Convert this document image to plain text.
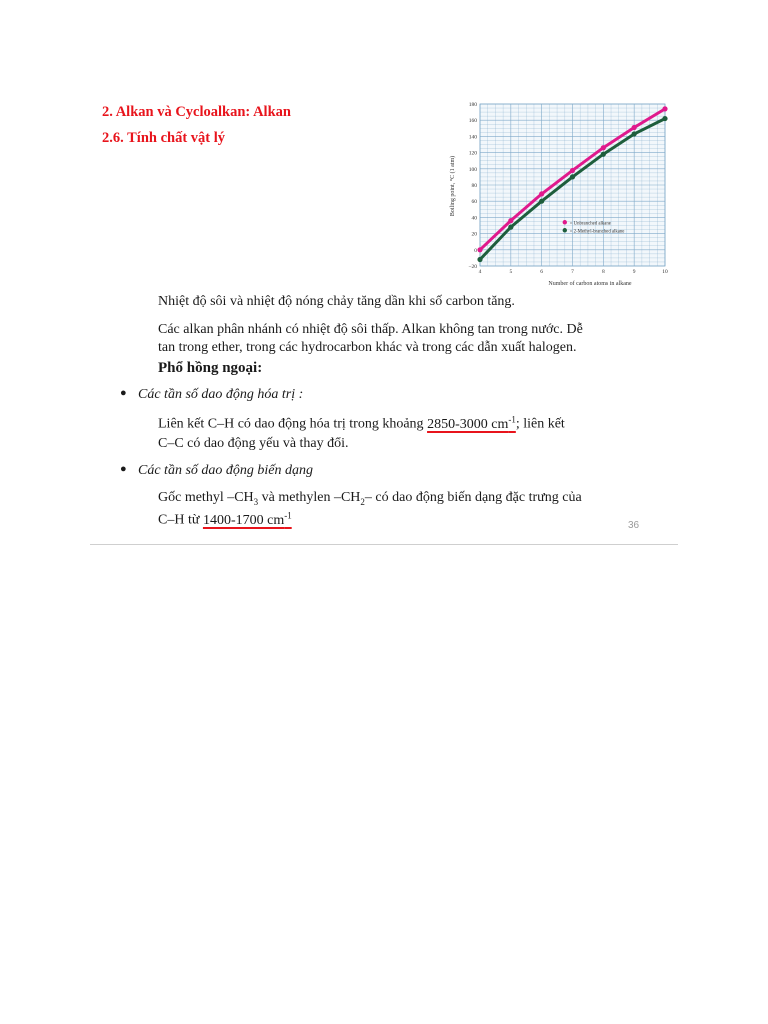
2. Alkan và Cycloalkan: Alkan
2.6. Tính chất vật lý
−20
0
20
40
60
80
100
120
140
160
180
4	5	6	7	8	9	10
= Unbranched alkane
= 2-Methyl-branched alkane
Number of carbon atoms in alkane
Boiling point, °C (1 atm)
Nhiệt độ sôi và nhiệt độ nóng chảy tăng dần khi số carbon tăng.
Các alkan phân nhánh có nhiệt độ sôi thấp. Alkan không tan trong nước. Dễ
tan trong ether, trong các hydrocarbon khác và trong các dẫn xuất halogen.
Phổ hồng ngoại:
● Các tần số dao động hóa trị :
Liên kết C–H có dao động hóa trị trong khoảng 2850-3000 $cm^{-1}$; liên kết
C–C có dao động yếu và thay đổi.
● Các tần số dao động biến dạng
Gốc methyl $-CH_3$ và methylen $-CH_2-$ có dao động biến dạng đặc trưng của
C–H từ 1400-1700 $cm^{-1}$
36
